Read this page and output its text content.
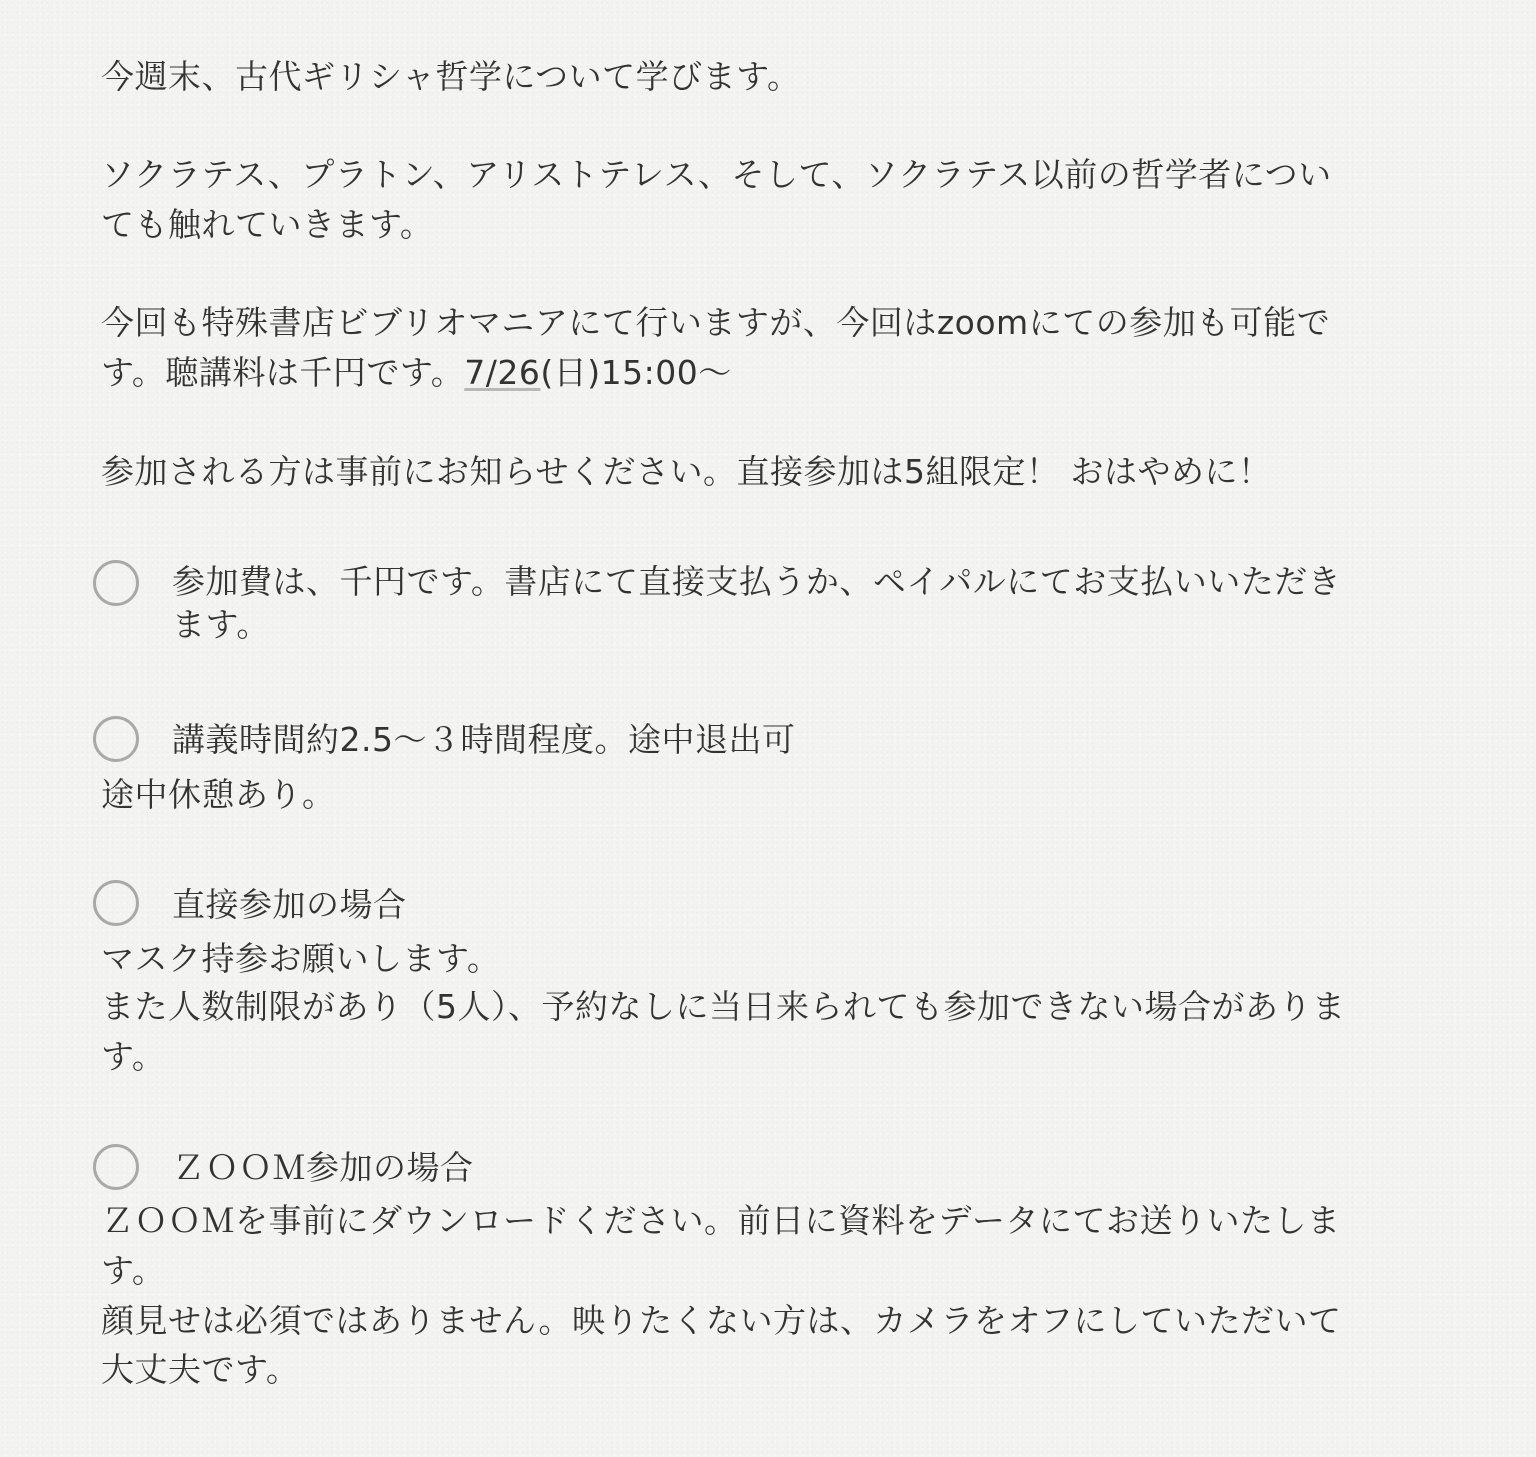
今週末、古代ギリシャ哲学について学びます。
ソクラテス、プラトン、アリストテレス、そして、ソクラテス以前の哲学者につい
ても触れていきます。
今回も特殊書店ビブリオマニアにて行いますが、今回はzoomにての参加も可能で
す。聴講料は千円です。7/26(日)15:00〜
参加される方は事前にお知らせください。直接参加は5組限定！ おはやめに！
参加費は、千円です。書店にて直接支払うか、ペイパルにてお支払いいただき
ます。
講義時間約2.5〜３時間程度。途中退出可
途中休憩あり。
直接参加の場合
マスク持参お願いします。
また人数制限があり（5人）、予約なしに当日来られても参加できない場合がありま
す。
ＺＯＯＭ参加の場合
ＺＯＯＭを事前にダウンロードください。前日に資料をデータにてお送りいたしま
す。
顔見せは必須ではありません。映りたくない方は、カメラをオフにしていただいて
大丈夫です。
